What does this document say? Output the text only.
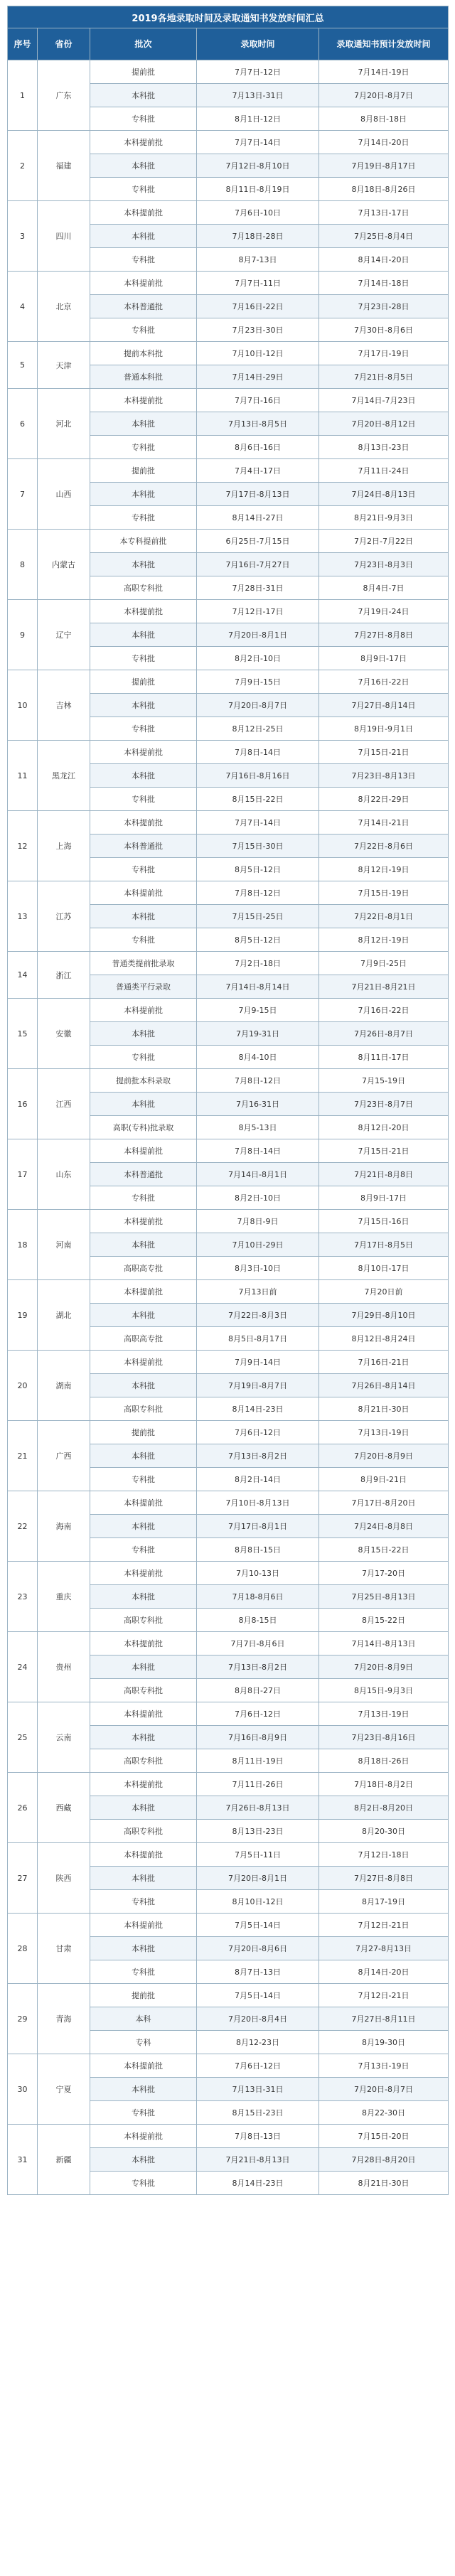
2019各地录取时间及录取通知书发放时间汇总				
序号	省份	批次	录取时间	录取通知书预计发放时间
1	广东	提前批	7月7日-12日	7月14日-19日
		本科批	7月13日-31日	7月20日-8月7日
		专科批	8月1日-12日	8月8日-18日
2	福建	本科提前批	7月7日-14日	7月14日-20日
		本科批	7月12日-8月10日	7月19日-8月17日
		专科批	8月11日-8月19日	8月18日-8月26日
3	四川	本科提前批	7月6日-10日	7月13日-17日
		本科批	7月18日-28日	7月25日-8月4日
		专科批	8月7-13日	8月14日-20日
4	北京	本科提前批	7月7日-11日	7月14日-18日
		本科普通批	7月16日-22日	7月23日-28日
		专科批	7月23日-30日	7月30日-8月6日
5	天津	提前本科批	7月10日-12日	7月17日-19日
		普通本科批	7月14日-29日	7月21日-8月5日
6	河北	本科提前批	7月7日-16日	7月14日-7月23日
		本科批	7月13日-8月5日	7月20日-8月12日
		专科批	8月6日-16日	8月13日-23日
7	山西	提前批	7月4日-17日	7月11日-24日
		本科批	7月17日-8月13日	7月24日-8月13日
		专科批	8月14日-27日	8月21日-9月3日
8	内蒙古	本专科提前批	6月25日-7月15日	7月2日-7月22日
		本科批	7月16日-7月27日	7月23日-8月3日
		高职专科批	7月28日-31日	8月4日-7日
9	辽宁	本科提前批	7月12日-17日	7月19日-24日
		本科批	7月20日-8月1日	7月27日-8月8日
		专科批	8月2日-10日	8月9日-17日
10	吉林	提前批	7月9日-15日	7月16日-22日
		本科批	7月20日-8月7日	7月27日-8月14日
		专科批	8月12日-25日	8月19日-9月1日
11	黑龙江	本科提前批	7月8日-14日	7月15日-21日
		本科批	7月16日-8月16日	7月23日-8月13日
		专科批	8月15日-22日	8月22日-29日
12	上海	本科提前批	7月7日-14日	7月14日-21日
		本科普通批	7月15日-30日	7月22日-8月6日
		专科批	8月5日-12日	8月12日-19日
13	江苏	本科提前批	7月8日-12日	7月15日-19日
		本科批	7月15日-25日	7月22日-8月1日
		专科批	8月5日-12日	8月12日-19日
14	浙江	普通类提前批录取	7月2日-18日	7月9日-25日
		普通类平行录取	7月14日-8月14日	7月21日-8月21日
15	安徽	本科提前批	7月9-15日	7月16日-22日
		本科批	7月19-31日	7月26日-8月7日
		专科批	8月4-10日	8月11日-17日
16	江西	提前批本科录取	7月8日-12日	7月15-19日
		本科批	7月16-31日	7月23日-8月7日
		高职(专科)批录取	8月5-13日	8月12日-20日
17	山东	本科提前批	7月8日-14日	7月15日-21日
		本科普通批	7月14日-8月1日	7月21日-8月8日
		专科批	8月2日-10日	8月9日-17日
18	河南	本科提前批	7月8日-9日	7月15日-16日
		本科批	7月10日-29日	7月17日-8月5日
		高职高专批	8月3日-10日	8月10日-17日
19	湖北	本科提前批	7月13日前	7月20日前
		本科批	7月22日-8月3日	7月29日-8月10日
		高职高专批	8月5日-8月17日	8月12日-8月24日
20	湖南	本科提前批	7月9日-14日	7月16日-21日
		本科批	7月19日-8月7日	7月26日-8月14日
		高职专科批	8月14日-23日	8月21日-30日
21	广西	提前批	7月6日-12日	7月13日-19日
		本科批	7月13日-8月2日	7月20日-8月9日
		专科批	8月2日-14日	8月9日-21日
22	海南	本科提前批	7月10日-8月13日	7月17日-8月20日
		本科批	7月17日-8月1日	7月24日-8月8日
		专科批	8月8日-15日	8月15日-22日
23	重庆	本科提前批	7月10-13日	7月17-20日
		本科批	7月18-8月6日	7月25日-8月13日
		高职专科批	8月8-15日	8月15-22日
24	贵州	本科提前批	7月7日-8月6日	7月14日-8月13日
		本科批	7月13日-8月2日	7月20日-8月9日
		高职专科批	8月8日-27日	8月15日-9月3日
25	云南	本科提前批	7月6日-12日	7月13日-19日
		本科批	7月16日-8月9日	7月23日-8月16日
		高职专科批	8月11日-19日	8月18日-26日
26	西藏	本科提前批	7月11日-26日	7月18日-8月2日
		本科批	7月26日-8月13日	8月2日-8月20日
		高职专科批	8月13日-23日	8月20-30日
27	陕西	本科提前批	7月5日-11日	7月12日-18日
		本科批	7月20日-8月1日	7月27日-8月8日
		专科批	8月10日-12日	8月17-19日
28	甘肃	本科提前批	7月5日-14日	7月12日-21日
		本科批	7月20日-8月6日	7月27-8月13日
		专科批	8月7日-13日	8月14日-20日
29	青海	提前批	7月5日-14日	7月12日-21日
		本科	7月20日-8月4日	7月27日-8月11日
		专科	8月12-23日	8月19-30日
30	宁夏	本科提前批	7月6日-12日	7月13日-19日
		本科批	7月13日-31日	7月20日-8月7日
		专科批	8月15日-23日	8月22-30日
31	新疆	本科提前批	7月8日-13日	7月15日-20日
		本科批	7月21日-8月13日	7月28日-8月20日
		专科批	8月14日-23日	8月21日-30日
